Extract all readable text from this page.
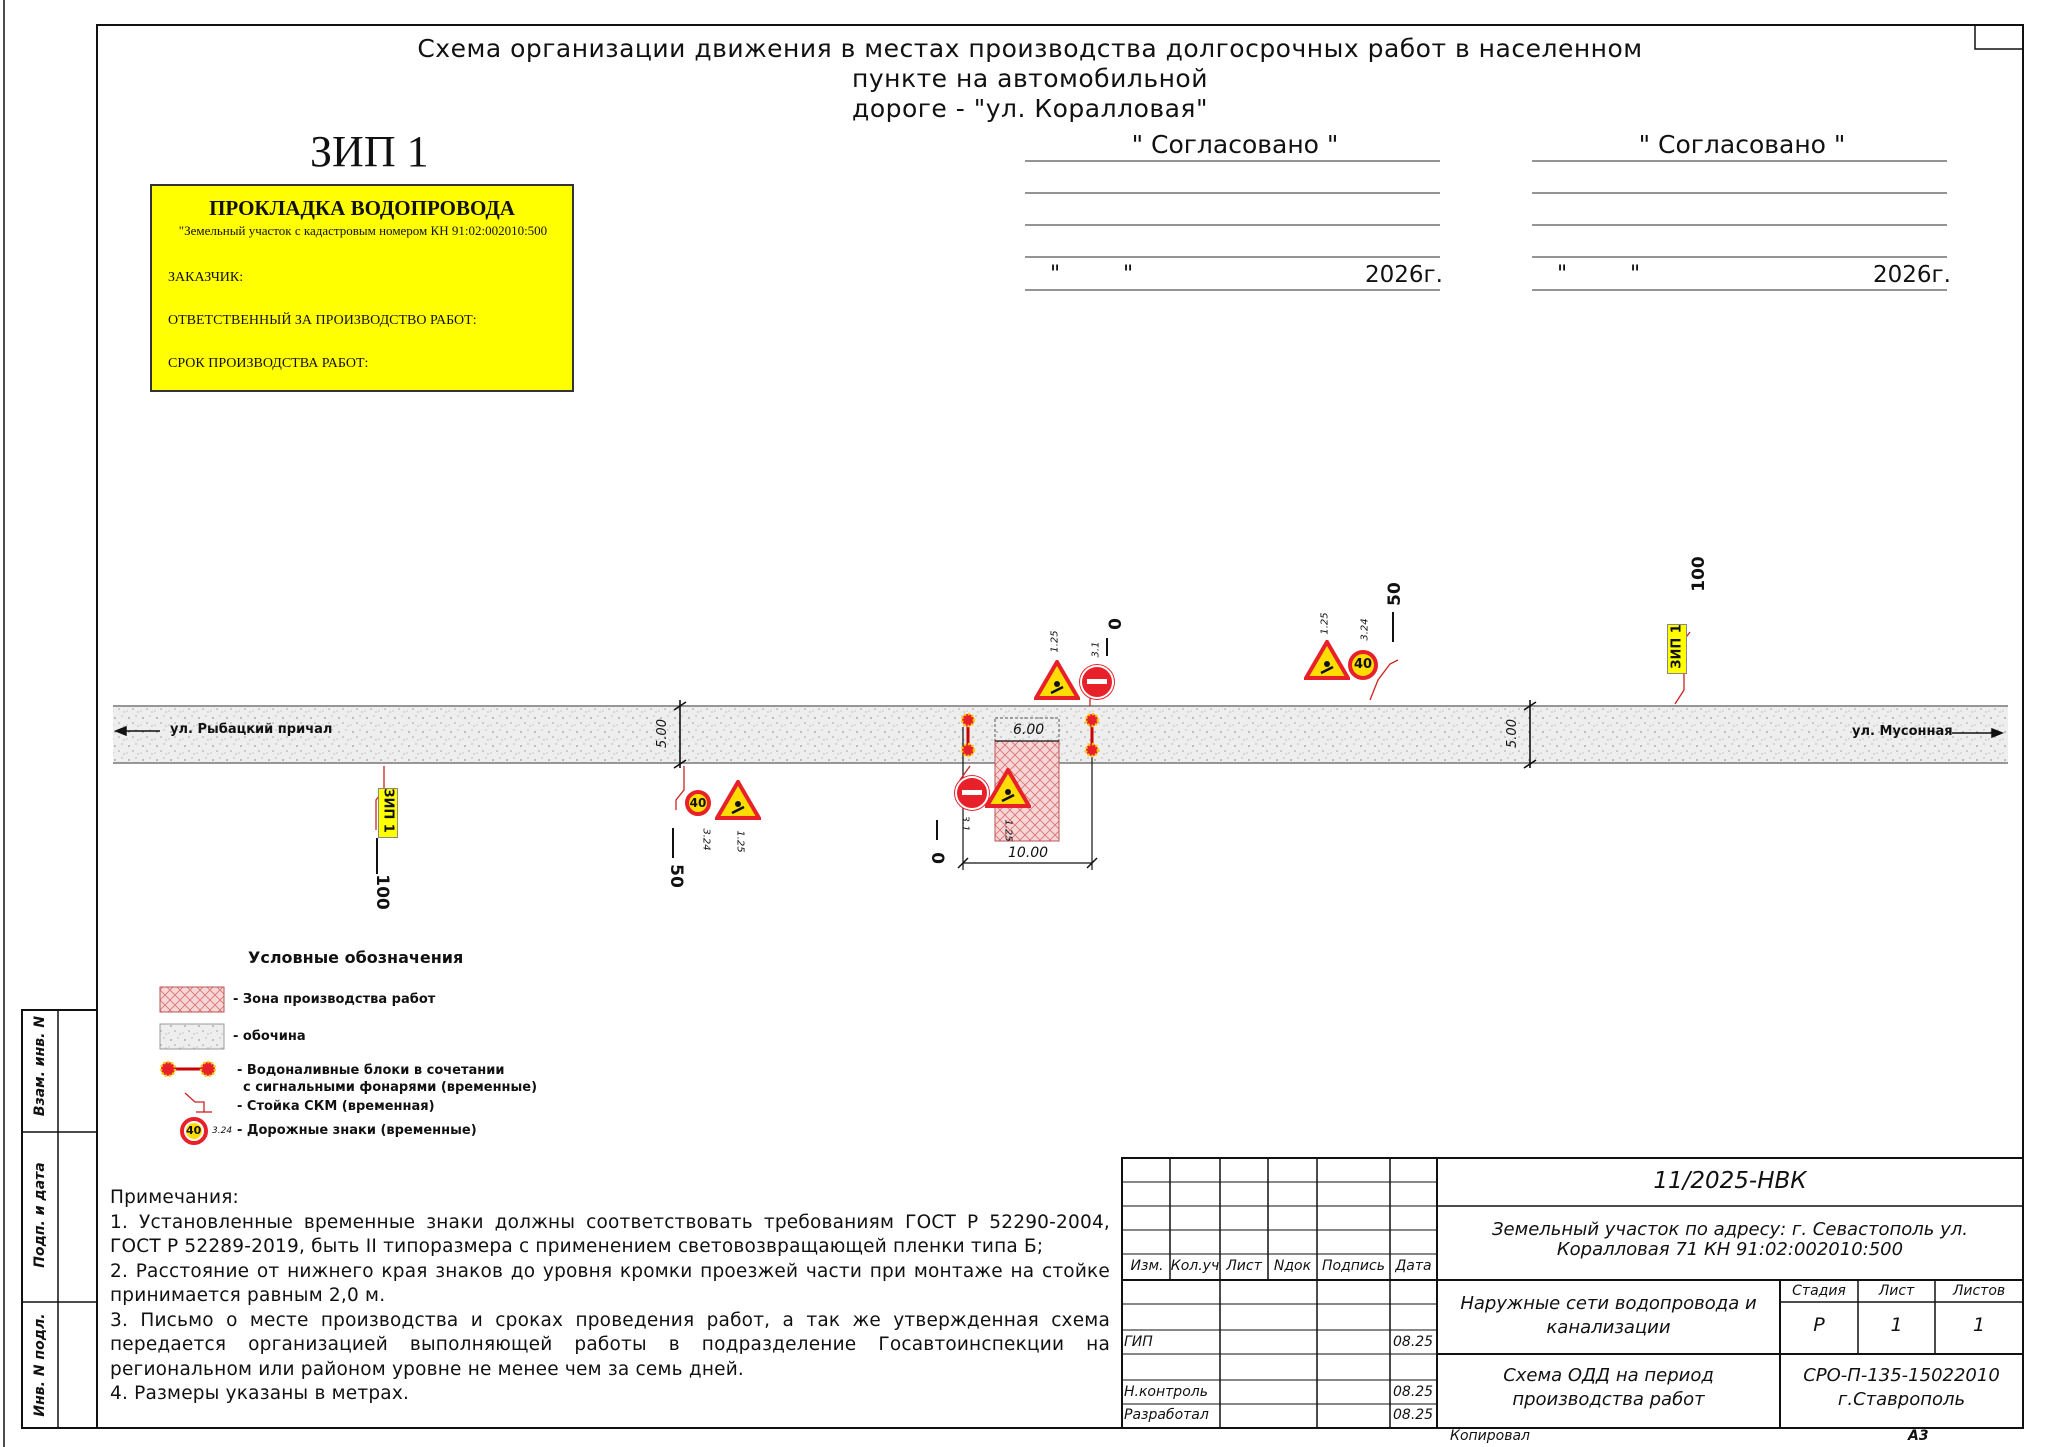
Схема организации движения в местах производства долгосрочных работ в населенном пункте на автомобильной
дороге - "ул. Коралловая"
" Согласовано "	" Согласовано "
"         "	2026г.	"         "	2026г.
ЗИП 1
ПРОКЛАДКА ВОДОПРОВОДА
"Земельный участок с кадастровым номером КН 91:02:002010:500
ЗАКАЗЧИК:
ОТВЕТСТВЕННЫЙ ЗА ПРОИЗВОДСТВО РАБОТ:
СРОК ПРОИЗВОДСТВА РАБОТ:
ул. Рыбацкий причал	ул. Мусонная
5.00	5.00
6.00
10.00
0
50
100
0
50
100
ЗИП 1
ЗИП 1
40
3.24 1.25
3.1	1.25
1.25	3.1
40
1.25	3.24
Условные обозначения
- Зона производства работ
- обочина
- Водоналивные блоки в сочетании
с сигнальными фонарями (временные)
- Стойка СКМ (временная)
- Дорожные знаки (временные)
40 3.24

Примечания:

1. Установленные временные знаки должны соответствовать требованиям ГОСТ Р 52290-2004, ГОСТ Р 52289-2019, быть II типоразмера с применением световозвращающей пленки типа Б;

2. Расстояние от нижнего края знаков до уровня кромки проезжей части при монтаже на стойке принимается равным 2,0 м.

3. Письмо о месте производства и сроках проведения работ, а так же утвержденная схема передается организацией выполняющей работы в подразделение Госавтоинспекции на региональном или районом уровне не менее чем за семь дней.

4. Размеры указаны в метрах.

Взам. инв. N
Подп. и дата
Инв. N подл.
11/2025-НВК
Земельный участок по адресу: г. Севастополь ул.
Коралловая 71 КН 91:02:002010:500
Изм. Кол.уч Лист Nдок Подпись Дата
ГИП	08.25
Н.контроль	08.25
Разработал	08.25
Наружные сети водопровода и
канализации
Стадия	Лист	Листов
Р	1	1
Схема ОДД на период
производства работ
СРО-П-135-15022010
г.Ставрополь
Копировал	А3
